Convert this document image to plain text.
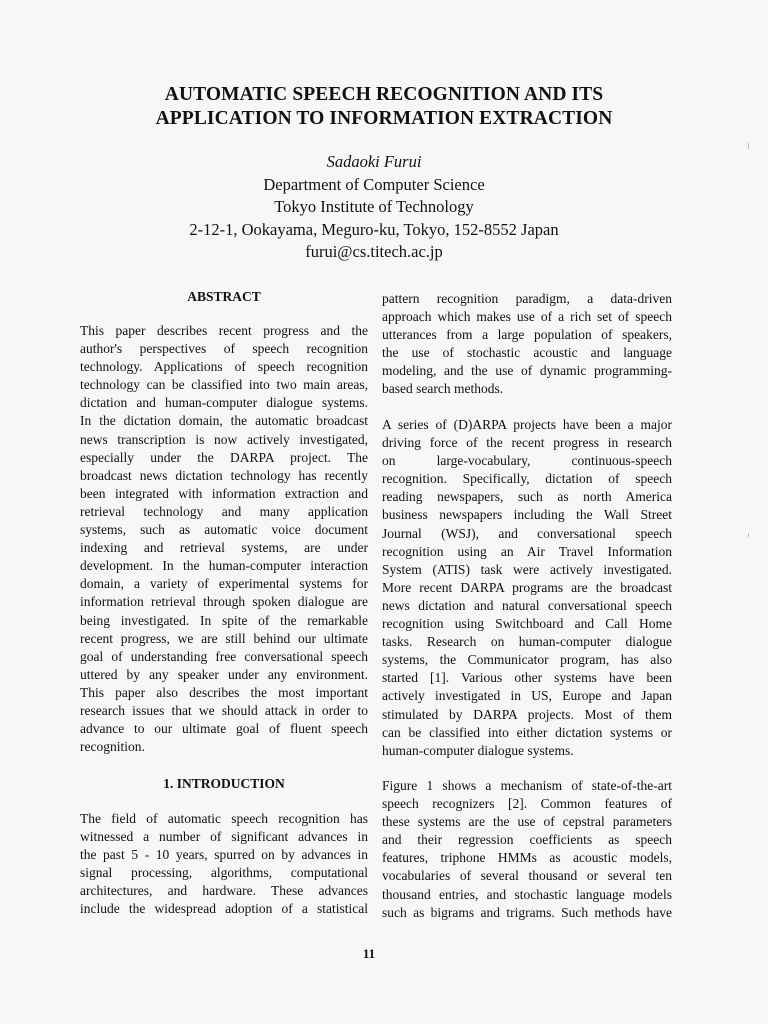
AUTOMATIC SPEECH RECOGNITION AND ITS
APPLICATION TO INFORMATION EXTRACTION
Sadaoki Furui
Department of Computer Science
Tokyo Institute of Technology
2-12-1, Ookayama, Meguro-ku, Tokyo, 152-8552 Japan
furui@cs.titech.ac.jp
ABSTRACT
This paper describes recent progress and the
author's perspectives of speech recognition
technology. Applications of speech recognition
technology can be classified into two main areas,
dictation and human-computer dialogue systems.
In the dictation domain, the automatic broadcast
news transcription is now actively investigated,
especially under the DARPA project. The
broadcast news dictation technology has recently
been integrated with information extraction and
retrieval technology and many application
systems, such as automatic voice document
indexing and retrieval systems, are under
development. In the human-computer interaction
domain, a variety of experimental systems for
information retrieval through spoken dialogue are
being investigated. In spite of the remarkable
recent progress, we are still behind our ultimate
goal of understanding free conversational speech
uttered by any speaker under any environment.
This paper also describes the most important
research issues that we should attack in order to
advance to our ultimate goal of fluent speech
recognition.
1. INTRODUCTION
The field of automatic speech recognition has
witnessed a number of significant advances in
the past 5 - 10 years, spurred on by advances in
signal processing, algorithms, computational
architectures, and hardware. These advances
include the widespread adoption of a statistical
pattern recognition paradigm, a data-driven
approach which makes use of a rich set of speech
utterances from a large population of speakers,
the use of stochastic acoustic and language
modeling, and the use of dynamic programming-
based search methods.
A series of (D)ARPA projects have been a major
driving force of the recent progress in research
on large-vocabulary, continuous-speech
recognition. Specifically, dictation of speech
reading newspapers, such as north America
business newspapers including the Wall Street
Journal (WSJ), and conversational speech
recognition using an Air Travel Information
System (ATIS) task were actively investigated.
More recent DARPA programs are the broadcast
news dictation and natural conversational speech
recognition using Switchboard and Call Home
tasks. Research on human-computer dialogue
systems, the Communicator program, has also
started [1]. Various other systems have been
actively investigated in US, Europe and Japan
stimulated by DARPA projects. Most of them
can be classified into either dictation systems or
human-computer dialogue systems.
Figure 1 shows a mechanism of state-of-the-art
speech recognizers [2]. Common features of
these systems are the use of cepstral parameters
and their regression coefficients as speech
features, triphone HMMs as acoustic models,
vocabularies of several thousand or several ten
thousand entries, and stochastic language models
such as bigrams and trigrams. Such methods have
11
